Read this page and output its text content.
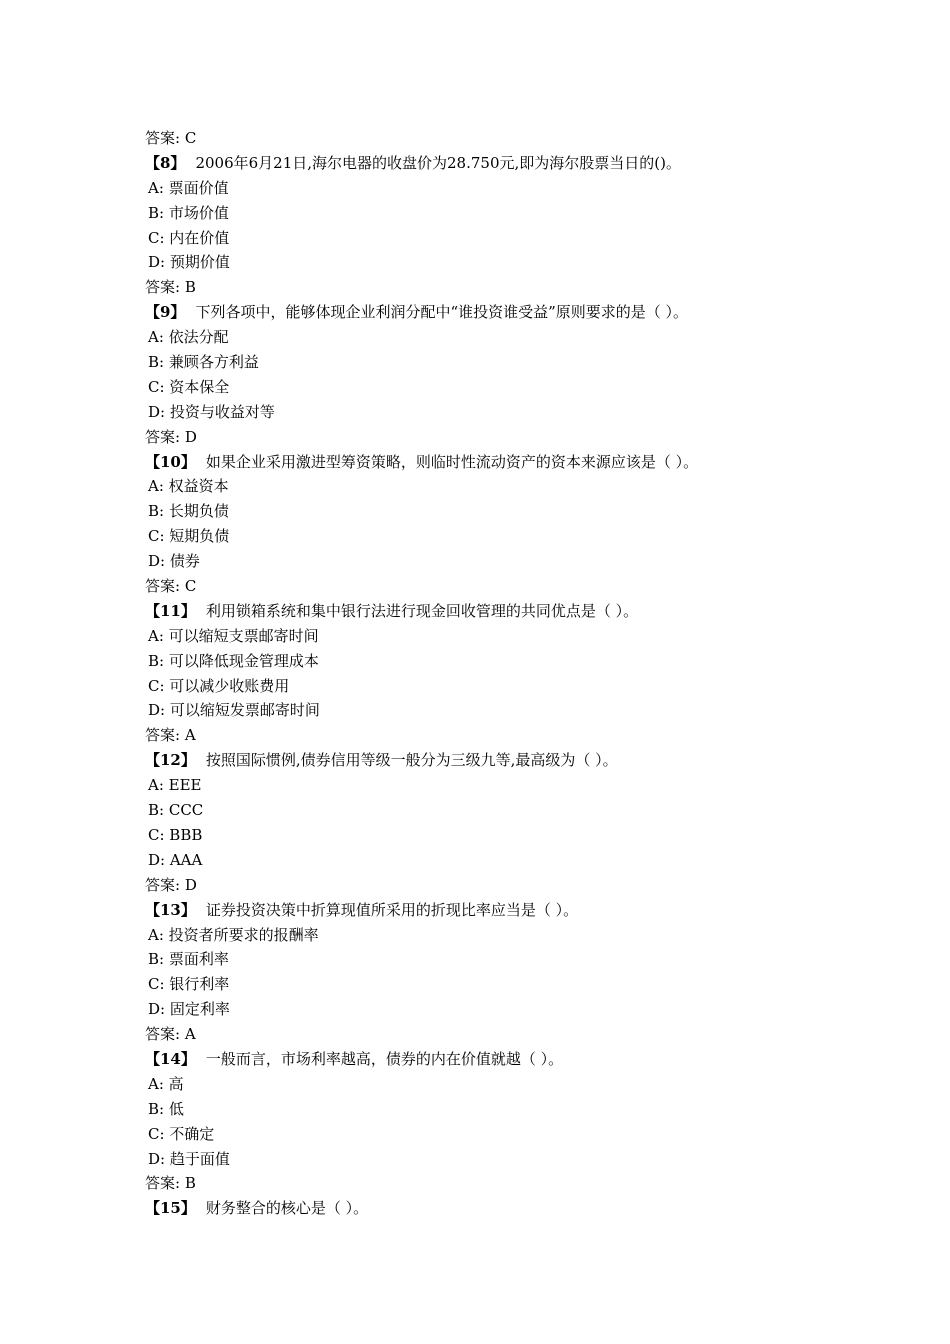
答案: C
【8】 2006年6月21日,海尔电器的收盘价为28.750元,即为海尔股票当日的()。
A: 票面价值
B: 市场价值
C: 内在价值
D: 预期价值
答案: B
【9】 下列各项中，能够体现企业利润分配中“谁投资谁受益”原则要求的是（ ）。
A: 依法分配
B: 兼顾各方利益
C: 资本保全
D: 投资与收益对等
答案: D
【10】 如果企业采用激进型筹资策略，则临时性流动资产的资本来源应该是（ ）。
A: 权益资本
B: 长期负债
C: 短期负债
D: 债券
答案: C
【11】 利用锁箱系统和集中银行法进行现金回收管理的共同优点是（ ）。
A: 可以缩短支票邮寄时间
B: 可以降低现金管理成本
C: 可以减少收账费用
D: 可以缩短发票邮寄时间
答案: A
【12】 按照国际惯例,债券信用等级一般分为三级九等,最高级为（ ）。
A: EEE
B: CCC
C: BBB
D: AAA
答案: D
【13】 证券投资决策中折算现值所采用的折现比率应当是（ ）。
A: 投资者所要求的报酬率
B: 票面利率
C: 银行利率
D: 固定利率
答案: A
【14】 一般而言，市场利率越高，债券的内在价值就越（ ）。
A: 高
B: 低
C: 不确定
D: 趋于面值
答案: B
【15】 财务整合的核心是（ ）。
